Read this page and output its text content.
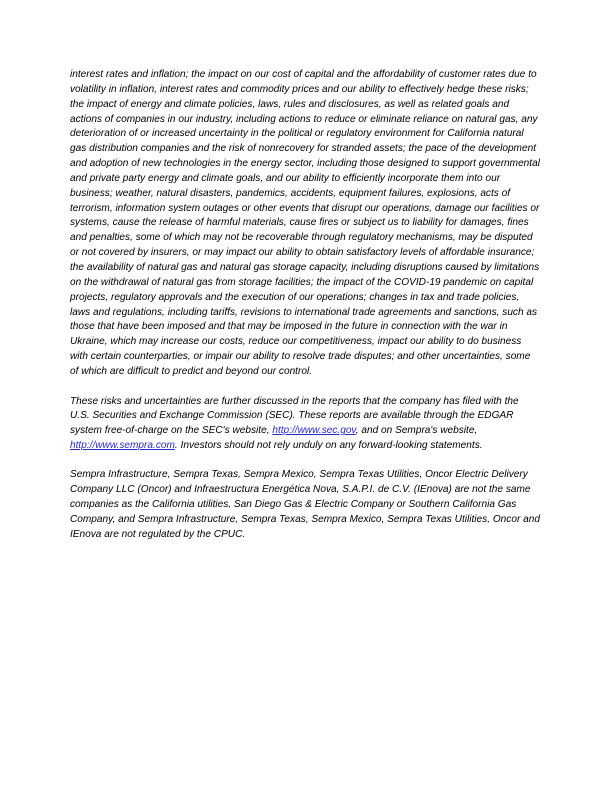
interest rates and inflation; the impact on our cost of capital and the affordability of customer rates due to volatility in inflation, interest rates and commodity prices and our ability to effectively hedge these risks; the impact of energy and climate policies, laws, rules and disclosures, as well as related goals and actions of companies in our industry, including actions to reduce or eliminate reliance on natural gas, any deterioration of or increased uncertainty in the political or regulatory environment for California natural gas distribution companies and the risk of nonrecovery for stranded assets; the pace of the development and adoption of new technologies in the energy sector, including those designed to support governmental and private party energy and climate goals, and our ability to efficiently incorporate them into our business; weather, natural disasters, pandemics, accidents, equipment failures, explosions, acts of terrorism, information system outages or other events that disrupt our operations, damage our facilities or systems, cause the release of harmful materials, cause fires or subject us to liability for damages, fines and penalties, some of which may not be recoverable through regulatory mechanisms, may be disputed or not covered by insurers, or may impact our ability to obtain satisfactory levels of affordable insurance; the availability of natural gas and natural gas storage capacity, including disruptions caused by limitations on the withdrawal of natural gas from storage facilities; the impact of the COVID-19 pandemic on capital projects, regulatory approvals and the execution of our operations; changes in tax and trade policies, laws and regulations, including tariffs, revisions to international trade agreements and sanctions, such as those that have been imposed and that may be imposed in the future in connection with the war in Ukraine, which may increase our costs, reduce our competitiveness, impact our ability to do business with certain counterparties, or impair our ability to resolve trade disputes; and other uncertainties, some of which are difficult to predict and beyond our control.

These risks and uncertainties are further discussed in the reports that the company has filed with the U.S. Securities and Exchange Commission (SEC). These reports are available through the EDGAR system free-of-charge on the SEC's website, http://www.sec.gov, and on Sempra's website, http://www.sempra.com. Investors should not rely unduly on any forward-looking statements.

Sempra Infrastructure, Sempra Texas, Sempra Mexico, Sempra Texas Utilities, Oncor Electric Delivery Company LLC (Oncor) and Infraestructura Energética Nova, S.A.P.I. de C.V. (IEnova) are not the same companies as the California utilities, San Diego Gas & Electric Company or Southern California Gas Company, and Sempra Infrastructure, Sempra Texas, Sempra Mexico, Sempra Texas Utilities, Oncor and IEnova are not regulated by the CPUC.
